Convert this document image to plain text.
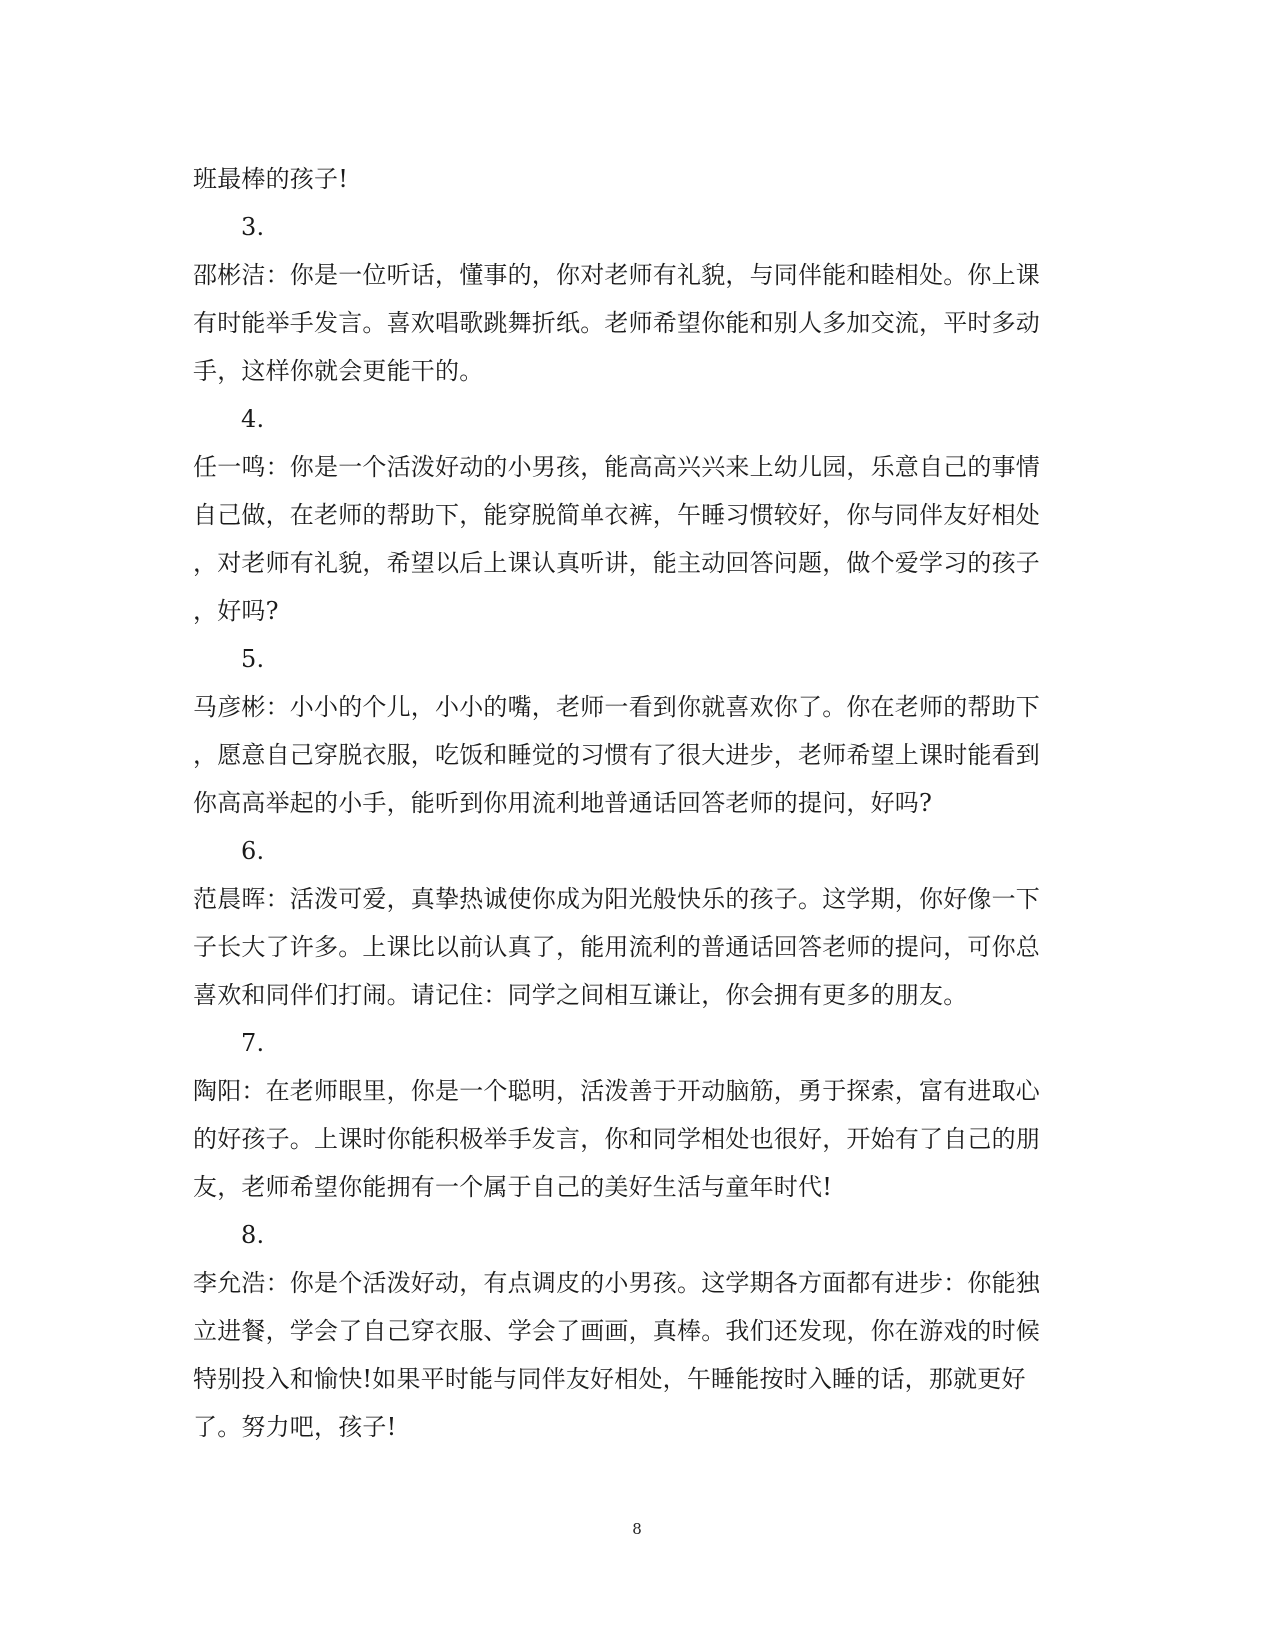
班最棒的孩子!
3.
邵彬洁：你是一位听话，懂事的，你对老师有礼貌，与同伴能和睦相处。你上课
有时能举手发言。喜欢唱歌跳舞折纸。老师希望你能和别人多加交流，平时多动
手，这样你就会更能干的。
4.
任一鸣：你是一个活泼好动的小男孩，能高高兴兴来上幼儿园，乐意自己的事情
自己做，在老师的帮助下，能穿脱简单衣裤，午睡习惯较好，你与同伴友好相处
，对老师有礼貌，希望以后上课认真听讲，能主动回答问题，做个爱学习的孩子
，好吗?
5.
马彦彬：小小的个儿，小小的嘴，老师一看到你就喜欢你了。你在老师的帮助下
，愿意自己穿脱衣服，吃饭和睡觉的习惯有了很大进步，老师希望上课时能看到
你高高举起的小手，能听到你用流利地普通话回答老师的提问，好吗?
6.
范晨晖：活泼可爱，真挚热诚使你成为阳光般快乐的孩子。这学期，你好像一下
子长大了许多。上课比以前认真了，能用流利的普通话回答老师的提问，可你总
喜欢和同伴们打闹。请记住：同学之间相互谦让，你会拥有更多的朋友。
7.
陶阳：在老师眼里，你是一个聪明，活泼善于开动脑筋，勇于探索，富有进取心
的好孩子。上课时你能积极举手发言，你和同学相处也很好，开始有了自己的朋
友，老师希望你能拥有一个属于自己的美好生活与童年时代!
8.
李允浩：你是个活泼好动，有点调皮的小男孩。这学期各方面都有进步：你能独
立进餐，学会了自己穿衣服、学会了画画，真棒。我们还发现，你在游戏的时候
特别投入和愉快!如果平时能与同伴友好相处，午睡能按时入睡的话，那就更好
了。努力吧，孩子!
8
